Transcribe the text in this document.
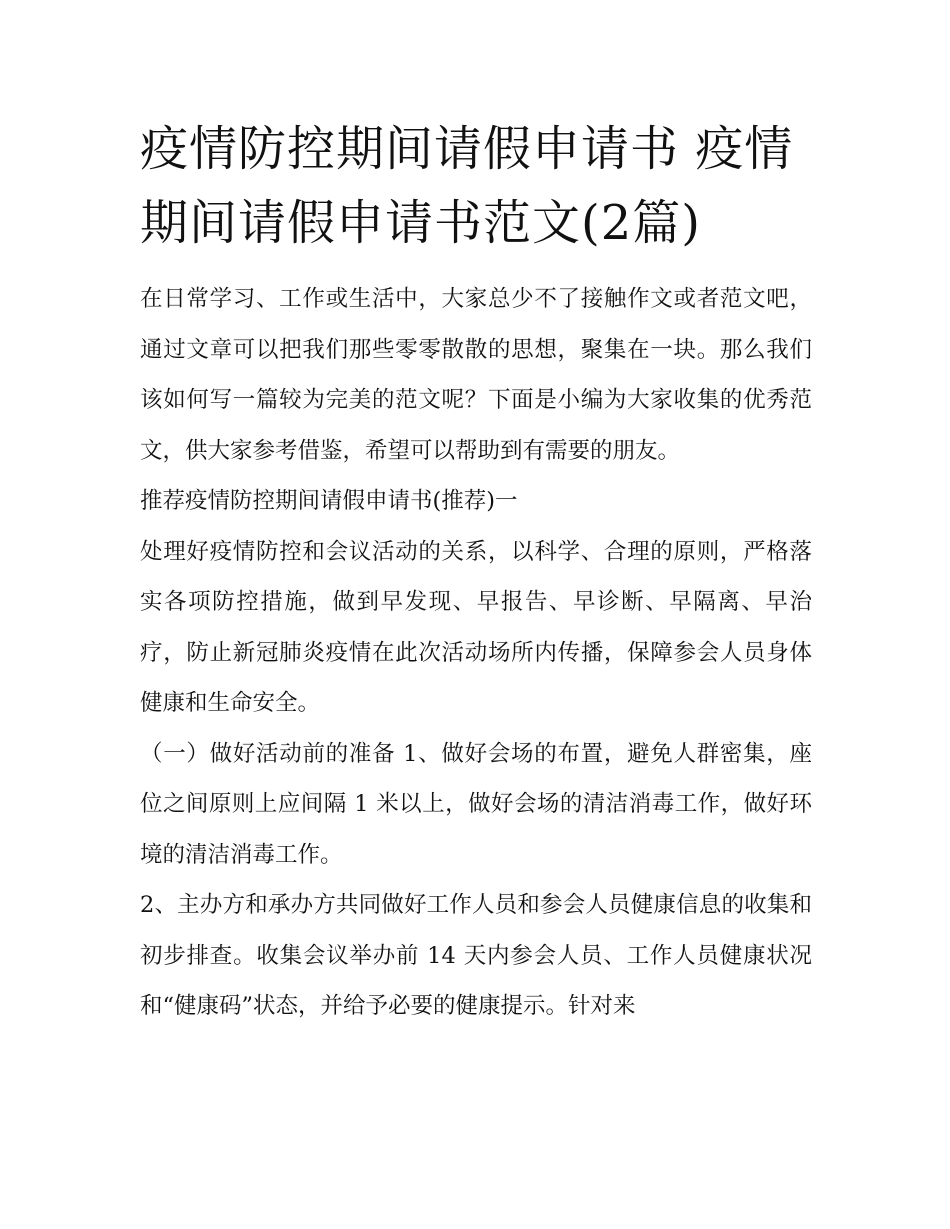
疫情防控期间请假申请书 疫情期间请假申请书范文(2篇)

在日常学习、工作或生活中，大家总少不了接触作文或者范文吧，通过文章可以把我们那些零零散散的思想，聚集在一块。那么我们该如何写一篇较为完美的范文呢？下面是小编为大家收集的优秀范文，供大家参考借鉴，希望可以帮助到有需要的朋友。

推荐疫情防控期间请假申请书(推荐)一

处理好疫情防控和会议活动的关系，以科学、合理的原则，严格落实各项防控措施，做到早发现、早报告、早诊断、早隔离、早治疗，防止新冠肺炎疫情在此次活动场所内传播，保障参会人员身体健康和生命安全。

（一）做好活动前的准备 1、做好会场的布置，避免人群密集，座位之间原则上应间隔 1 米以上，做好会场的清洁消毒工作，做好环境的清洁消毒工作。

2、主办方和承办方共同做好工作人员和参会人员健康信息的收集和初步排查。收集会议举办前 14 天内参会人员、工作人员健康状况和“健康码”状态，并给予必要的健康提示。针对来
